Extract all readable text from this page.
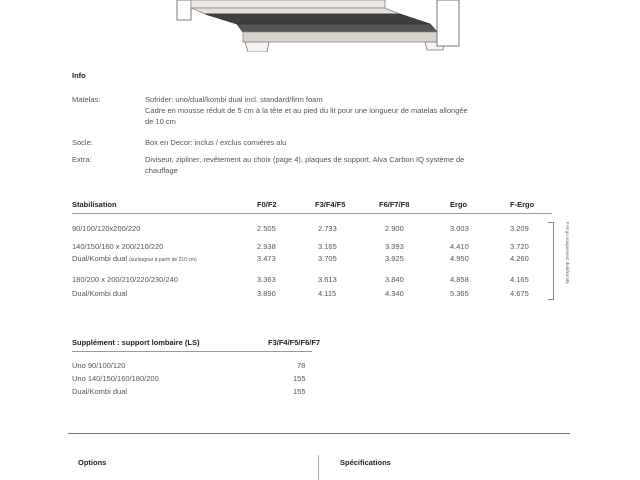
Info
Matelas:	Sofrider: uno/dual/kombi dual incl. standard/firm foam
Cadre en mousse réduit de 5 cm à la tête et au pied du lit pour une longueur de matelas allongée
de 10 cm
Socle:	Box en Decor: inclus / exclus cornières alu
Extra:	Diviseur, zipliner, revêtement au choix (page 4), plaques de support, Alva Carbon IQ système de
chauffage
Stabilisation	F0/F2	F3/F4/F5	F6/F7/F8	Ergo	F-Ergo
90/100/120x200/220	2.505	2.733	2.900	3.003	3.209
140/150/160 x 200/210/220	2.938	3.165	3.393	4.410	3.720
Dual/Kombi dual (surlargeur à partir de 210 cm)	3.473	3.705	3.925	4.950	4.260
180/200 x 200/210/220/230/240	3.363	3.613	3.840	4.858	4.165
Dual/Kombi dual	3.890	4.115	4.340	5.365	4.675
F-Ergo uniquement dual/kombi
Supplément : support lombaire (LS)	F3/F4/F5/F6/F7
Uno 90/100/120	78
Uno 140/150/160/180/200	155
Dual/Kombi dual	155
Options	Spécifications
